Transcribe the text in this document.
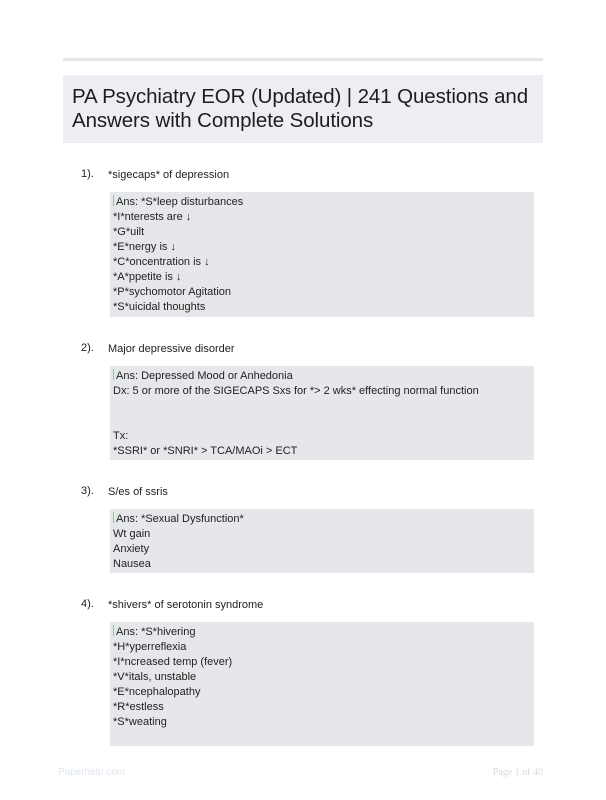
PA Psychiatry EOR (Updated) | 241 Questions and Answers with Complete Solutions
1). *sigecaps* of depression
Ans: *S*leep disturbances
*I*nterests are ↓
*G*uilt
*E*nergy is ↓
*C*oncentration is ↓
*A*ppetite is ↓
*P*sychomotor Agitation
*S*uicidal thoughts
2). Major depressive disorder
Ans: Depressed Mood or Anhedonia
Dx: 5 or more of the SIGECAPS Sxs for *> 2 wks* effecting normal function
Tx:
*SSRI* or *SNRI* > TCA/MAOi > ECT
3). S/es of ssris
Ans: *Sexual Dysfunction*
Wt gain
Anxiety
Nausea
4). *shivers* of serotonin syndrome
Ans: *S*hivering
*H*yperreflexia
*I*ncreased temp (fever)
*V*itals, unstable
*E*ncephalopathy
*R*estless
*S*weating
Paperhelp.com	Page 1 of 40
